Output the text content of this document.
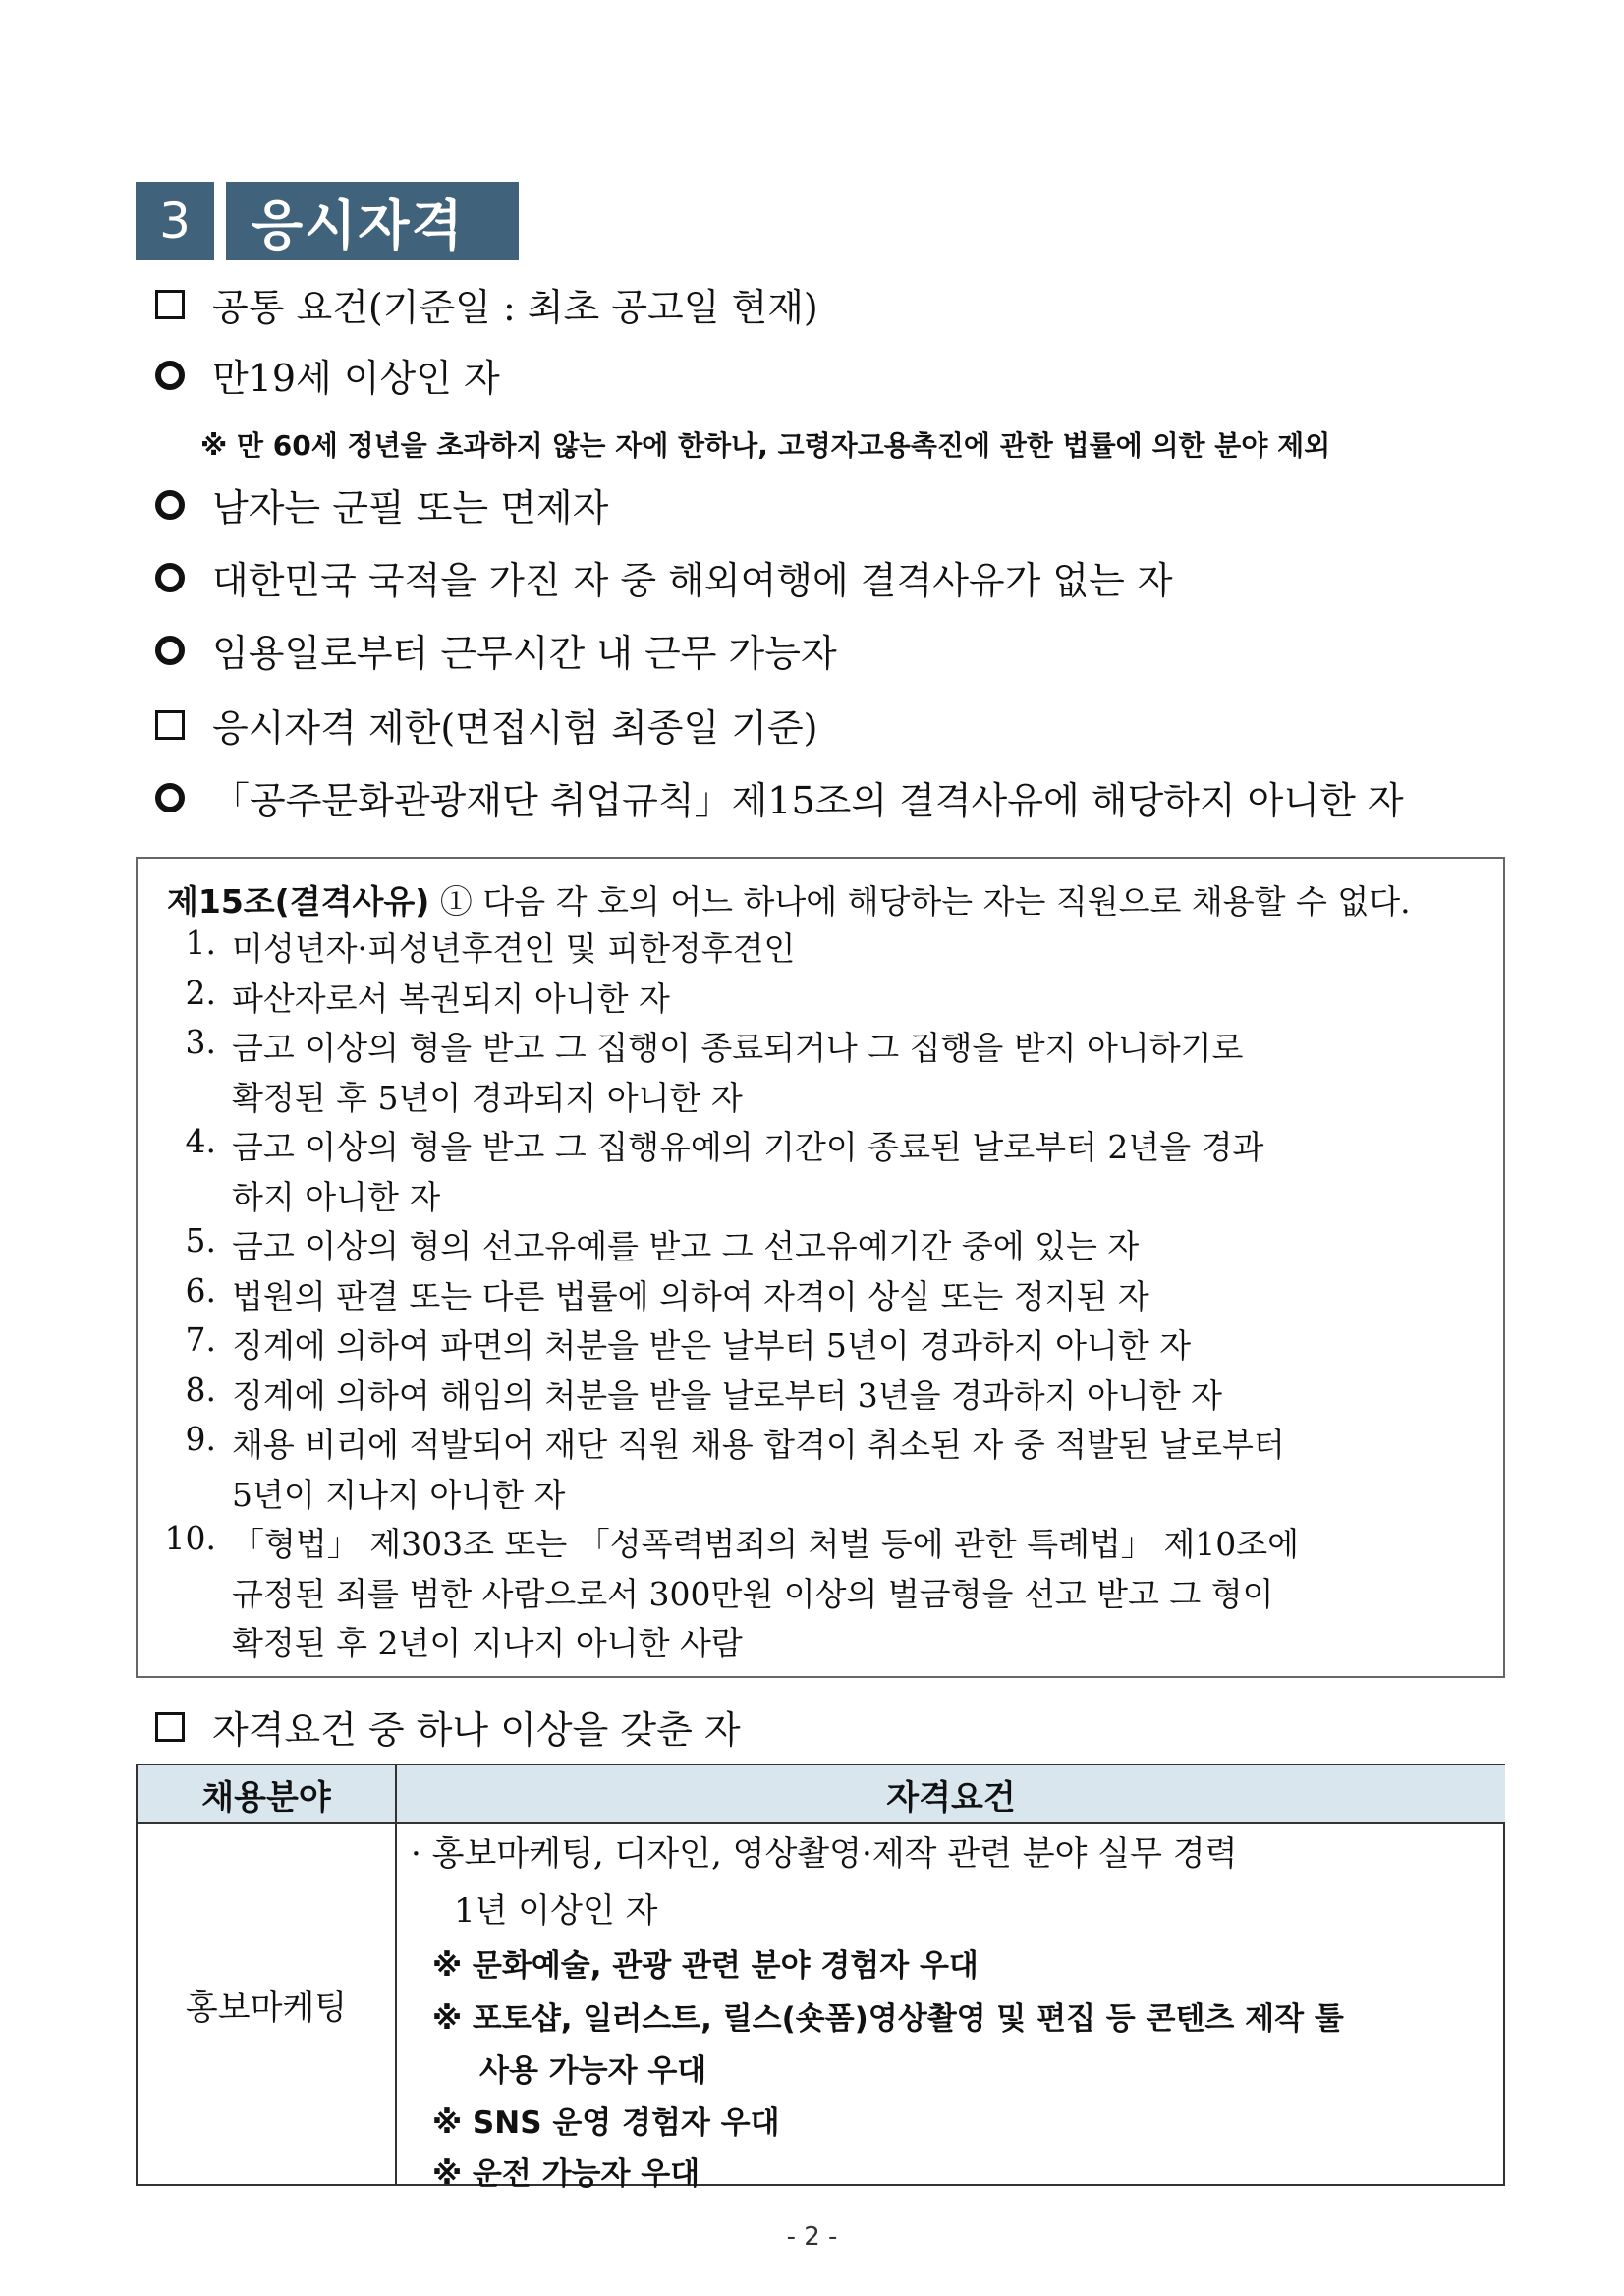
3	응시자격
공통 요건(기준일 : 최초 공고일 현재)
만19세 이상인 자
※ 만 60세 정년을 초과하지 않는 자에 한하나, 고령자고용촉진에 관한 법률에 의한 분야 제외
남자는 군필 또는 면제자
대한민국 국적을 가진 자 중 해외여행에 결격사유가 없는 자
임용일로부터 근무시간 내 근무 가능자
응시자격 제한(면접시험 최종일 기준)
「공주문화관광재단 취업규칙」제15조의 결격사유에 해당하지 아니한 자
제15조(결격사유) ① 다음 각 호의 어느 하나에 해당하는 자는 직원으로 채용할 수 없다.
1. 미성년자·피성년후견인 및 피한정후견인
2. 파산자로서 복권되지 아니한 자
3. 금고 이상의 형을 받고 그 집행이 종료되거나 그 집행을 받지 아니하기로
확정된 후 5년이 경과되지 아니한 자
4. 금고 이상의 형을 받고 그 집행유예의 기간이 종료된 날로부터 2년을 경과
하지 아니한 자
5. 금고 이상의 형의 선고유예를 받고 그 선고유예기간 중에 있는 자
6. 법원의 판결 또는 다른 법률에 의하여 자격이 상실 또는 정지된 자
7. 징계에 의하여 파면의 처분을 받은 날부터 5년이 경과하지 아니한 자
8. 징계에 의하여 해임의 처분을 받을 날로부터 3년을 경과하지 아니한 자
9. 채용 비리에 적발되어 재단 직원 채용 합격이 취소된 자 중 적발된 날로부터
5년이 지나지 아니한 자
10. 「형법」 제303조 또는 「성폭력범죄의 처벌 등에 관한 특례법」 제10조에
규정된 죄를 범한 사람으로서 300만원 이상의 벌금형을 선고 받고 그 형이
확정된 후 2년이 지나지 아니한 사람
자격요건 중 하나 이상을 갖춘 자
채용분야	자격요건
홍보마케팅
· 홍보마케팅, 디자인, 영상촬영·제작 관련 분야 실무 경력
1년 이상인 자
※ 문화예술, 관광 관련 분야 경험자 우대
※ 포토샵, 일러스트, 릴스(숏폼)영상촬영 및 편집 등 콘텐츠 제작 툴
사용 가능자 우대
※ SNS 운영 경험자 우대
※ 운전 가능자 우대
- 2 -
